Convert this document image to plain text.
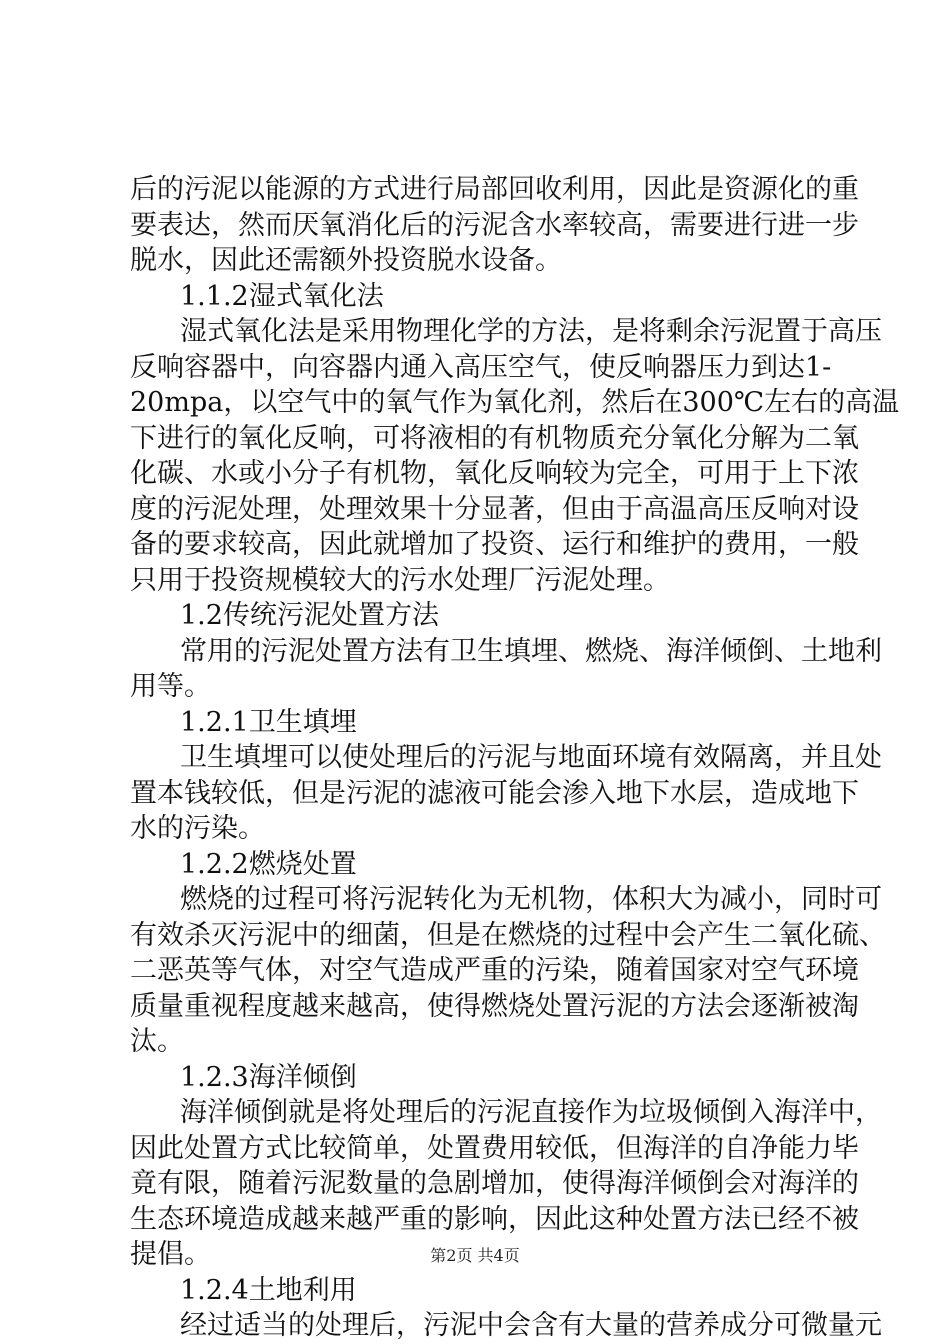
后的污泥以能源的方式进行局部回收利用，因此是资源化的重

要表达，然而厌氧消化后的污泥含水率较高，需要进行进一步

脱水，因此还需额外投资脱水设备。

1.1.2湿式氧化法

湿式氧化法是采用物理化学的方法，是将剩余污泥置于高压

反响容器中，向容器内通入高压空气，使反响器压力到达1-

20mpa，以空气中的氧气作为氧化剂，然后在300℃左右的高温

下进行的氧化反响，可将液相的有机物质充分氧化分解为二氧

化碳、水或小分子有机物，氧化反响较为完全，可用于上下浓

度的污泥处理，处理效果十分显著，但由于高温高压反响对设

备的要求较高，因此就增加了投资、运行和维护的费用，一般

只用于投资规模较大的污水处理厂污泥处理。

1.2传统污泥处置方法

常用的污泥处置方法有卫生填埋、燃烧、海洋倾倒、土地利

用等。

1.2.1卫生填埋

卫生填埋可以使处理后的污泥与地面环境有效隔离，并且处

置本钱较低，但是污泥的滤液可能会渗入地下水层，造成地下

水的污染。

1.2.2燃烧处置

燃烧的过程可将污泥转化为无机物，体积大为减小，同时可

有效杀灭污泥中的细菌，但是在燃烧的过程中会产生二氧化硫、

二恶英等气体，对空气造成严重的污染，随着国家对空气环境

质量重视程度越来越高，使得燃烧处置污泥的方法会逐渐被淘

汰。

1.2.3海洋倾倒

海洋倾倒就是将处理后的污泥直接作为垃圾倾倒入海洋中，

因此处置方式比较简单，处置费用较低，但海洋的自净能力毕

竟有限，随着污泥数量的急剧增加，使得海洋倾倒会对海洋的

生态环境造成越来越严重的影响，因此这种处置方法已经不被

提倡。

1.2.4土地利用

经过适当的处理后，污泥中会含有大量的营养成分可微量元

第2页 共4页
